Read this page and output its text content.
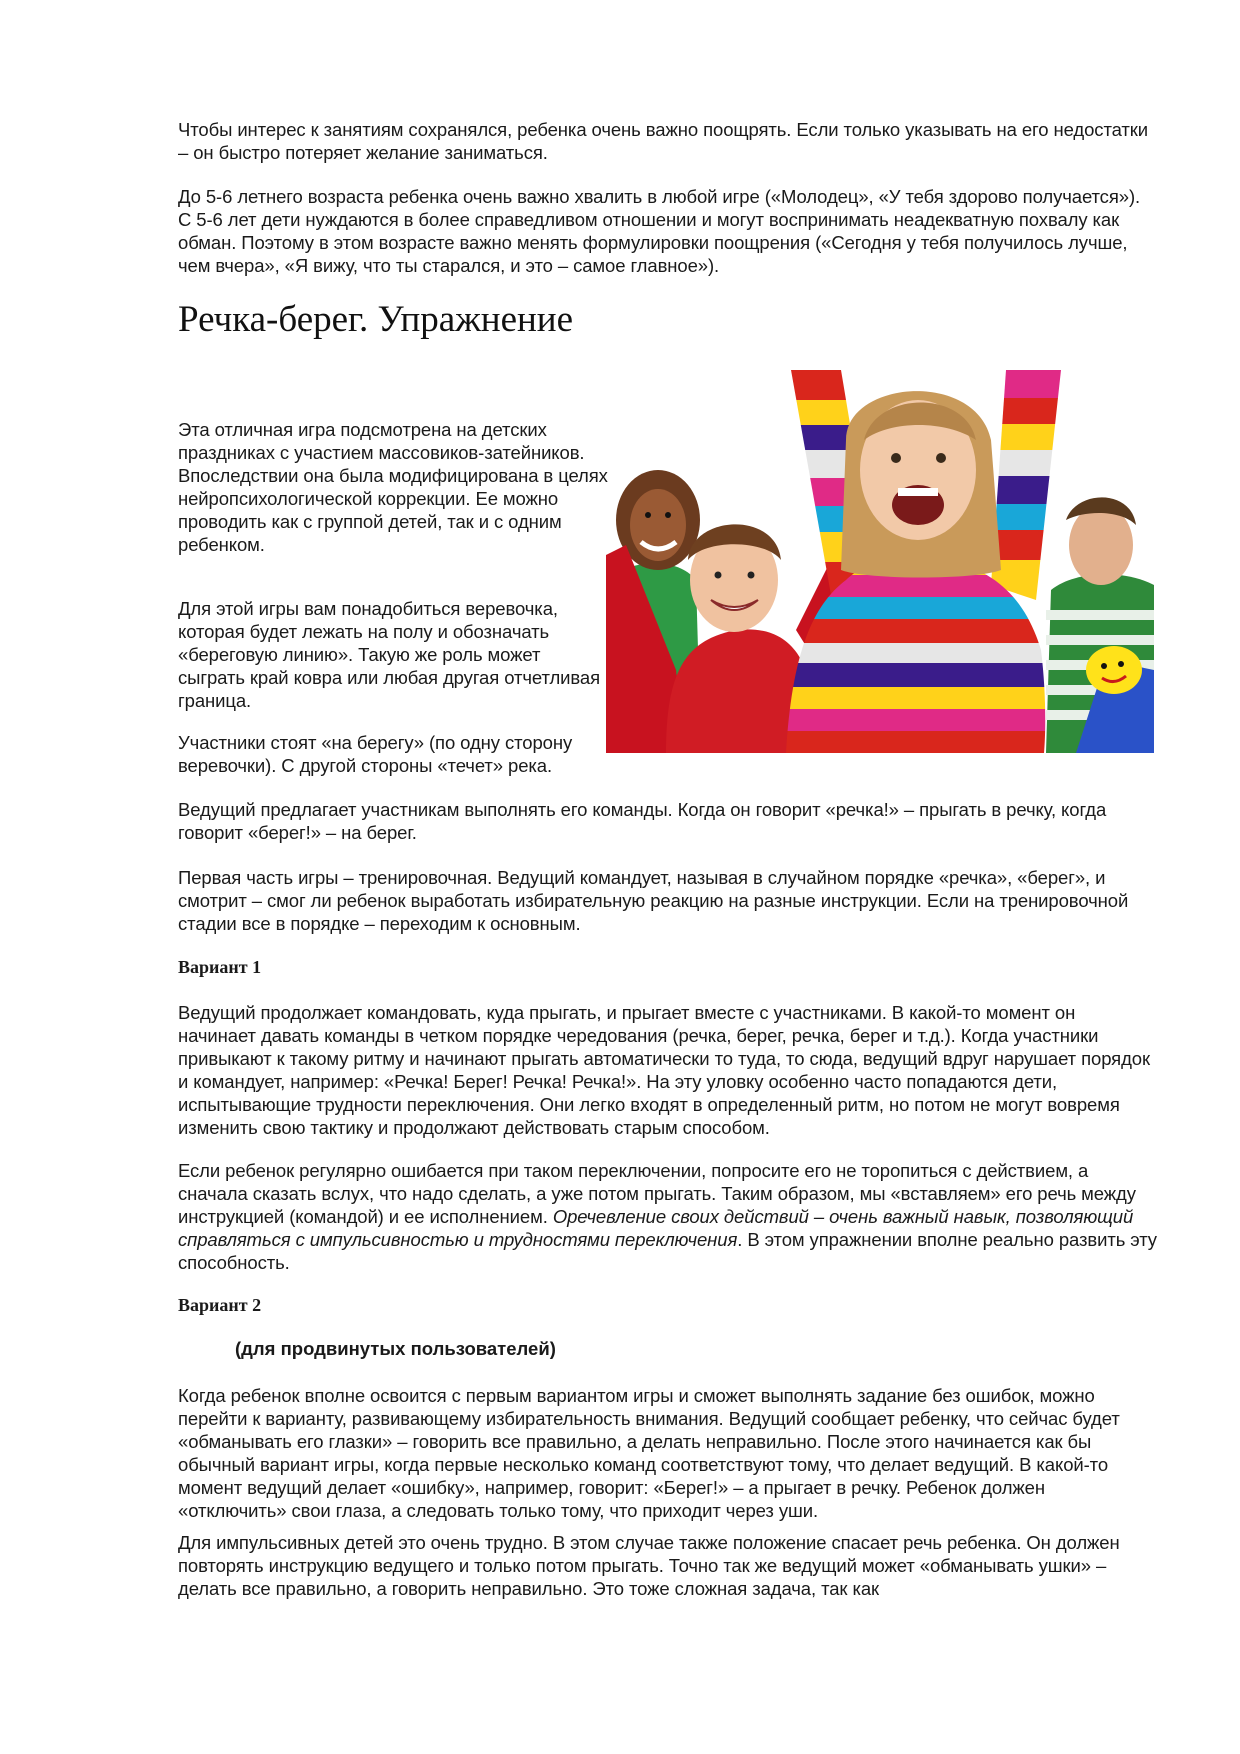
Чтобы интерес к занятиям сохранялся, ребенка очень важно поощрять. Если только указывать на его недостатки – он быстро потеряет желание заниматься.

До 5-6 летнего возраста ребенка очень важно хвалить в любой игре («Молодец», «У тебя здорово получается»). С 5-6 лет дети нуждаются в более справедливом отношении и могут воспринимать неадекватную похвалу как обман. Поэтому в этом возрасте важно менять формулировки поощрения («Сегодня у тебя получилось лучше, чем вчера», «Я вижу, что ты старался, и это – самое главное»).

Речка-берег. Упражнение

Эта отличная игра подсмотрена на детских праздниках с участием массовиков-затейников. Впоследствии она была модифицирована в целях нейропсихологической коррекции. Ее можно проводить как с группой детей, так и с одним ребенком.

Для этой игры вам понадобиться веревочка, которая будет лежать на полу и обозначать «береговую линию». Такую же роль может сыграть край ковра или любая другая отчетливая граница.

Участники стоят «на берегу» (по одну сторону веревочки). С другой стороны «течет» река.

Ведущий предлагает участникам выполнять его команды. Когда он говорит «речка!» – прыгать в речку, когда говорит «берег!» – на берег.

Первая часть игры – тренировочная. Ведущий командует, называя в случайном порядке «речка», «берег», и смотрит – смог ли ребенок выработать избирательную реакцию на разные инструкции. Если на тренировочной стадии все в порядке – переходим к основным.

Вариант 1

Ведущий продолжает командовать, куда прыгать, и прыгает вместе с участниками. В какой-то момент он начинает давать команды в четком порядке чередования (речка, берег, речка, берег и т.д.). Когда участники привыкают к такому ритму и начинают прыгать автоматически то туда, то сюда, ведущий вдруг нарушает порядок и командует, например: «Речка! Берег! Речка! Речка!». На эту уловку особенно часто попадаются дети, испытывающие трудности переключения. Они легко входят в определенный ритм, но потом не могут вовремя изменить свою тактику и продолжают действовать старым способом.

Если ребенок регулярно ошибается при таком переключении, попросите его не торопиться с действием, а сначала сказать вслух, что надо сделать, а уже потом прыгать. Таким образом, мы «вставляем» его речь между инструкцией (командой) и ее исполнением. Оречевление своих действий – очень важный навык, позволяющий справляться с импульсивностью и трудностями переключения. В этом упражнении вполне реально развить эту способность.

Вариант 2

(для продвинутых пользователей)

Когда ребенок вполне освоится с первым вариантом игры и сможет выполнять задание без ошибок, можно перейти к варианту, развивающему избирательность внимания. Ведущий сообщает ребенку, что сейчас будет «обманывать его глазки» – говорить все правильно, а делать неправильно. После этого начинается как бы обычный вариант игры, когда первые несколько команд соответствуют тому, что делает ведущий. В какой-то момент ведущий делает «ошибку», например, говорит: «Берег!» – а прыгает в речку. Ребенок должен «отключить» свои глаза, а следовать только тому, что приходит через уши.

Для импульсивных детей это очень трудно. В этом случае также положение спасает речь ребенка. Он должен повторять инструкцию ведущего и только потом прыгать. Точно так же ведущий может «обманывать ушки» – делать все правильно, а говорить неправильно. Это тоже сложная задача, так как
